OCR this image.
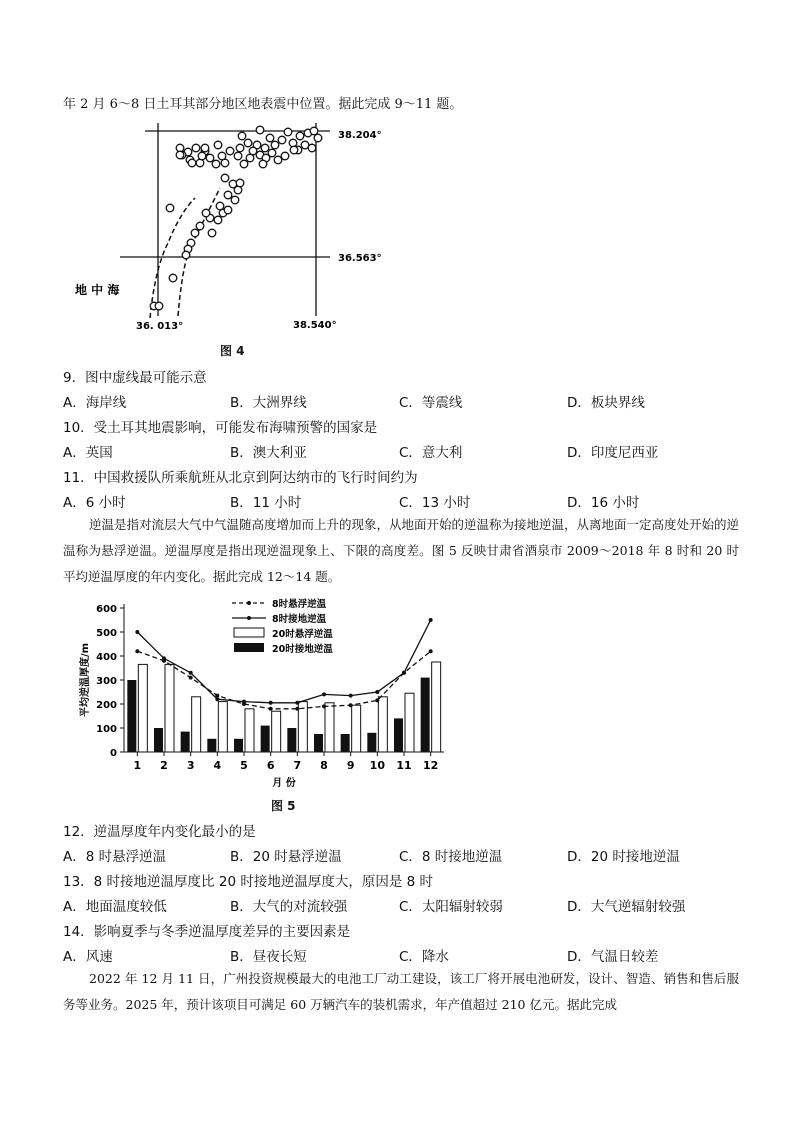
年 2 月 6～8 日土耳其部分地区地表震中位置。据此完成 9～11 题。
38.204°
36.563°
36. 013°	38.540°
地 中 海
图 4
9．图中虚线最可能示意
A．海岸线	B．大洲界线	C．等震线	D．板块界线
10．受土耳其地震影响，可能发布海啸预警的国家是
A．英国	B．澳大利亚	C．意大利	D．印度尼西亚
11．中国救援队所乘航班从北京到阿达纳市的飞行时间约为
A．6 小时	B．11 小时	C．13 小时	D．16 小时
逆温是指对流层大气中气温随高度增加而上升的现象，从地面开始的逆温称为接地逆温，从离地面一定高度处开始的逆温称为悬浮逆温。逆温厚度是指出现逆温现象上、下限的高度差。图 5 反映甘肃省酒泉市 2009～2018 年 8 时和 20 时平均逆温厚度的年内变化。据此完成 12～14 题。
0
100
200
300
400
500
600
平均逆温厚度/m
1 2 3 4 5 6 7 8 9 10 11 12
月 份
8时悬浮逆温
8时接地逆温
20时悬浮逆温
20时接地逆温
图 5
12．逆温厚度年内变化最小的是
A．8 时悬浮逆温	B．20 时悬浮逆温	C．8 时接地逆温	D．20 时接地逆温
13．8 时接地逆温厚度比 20 时接地逆温厚度大，原因是 8 时
A．地面温度较低	B．大气的对流较强	C．太阳辐射较弱	D．大气逆辐射较强
14．影响夏季与冬季逆温厚度差异的主要因素是
A．风速	B．昼夜长短	C．降水	D．气温日较差
2022 年 12 月 11 日，广州投资规模最大的电池工厂动工建设，该工厂将开展电池研发，设计、智造、销售和售后服务等业务。2025 年，预计该项目可满足 60 万辆汽车的装机需求，年产值超过 210 亿元。据此完成
